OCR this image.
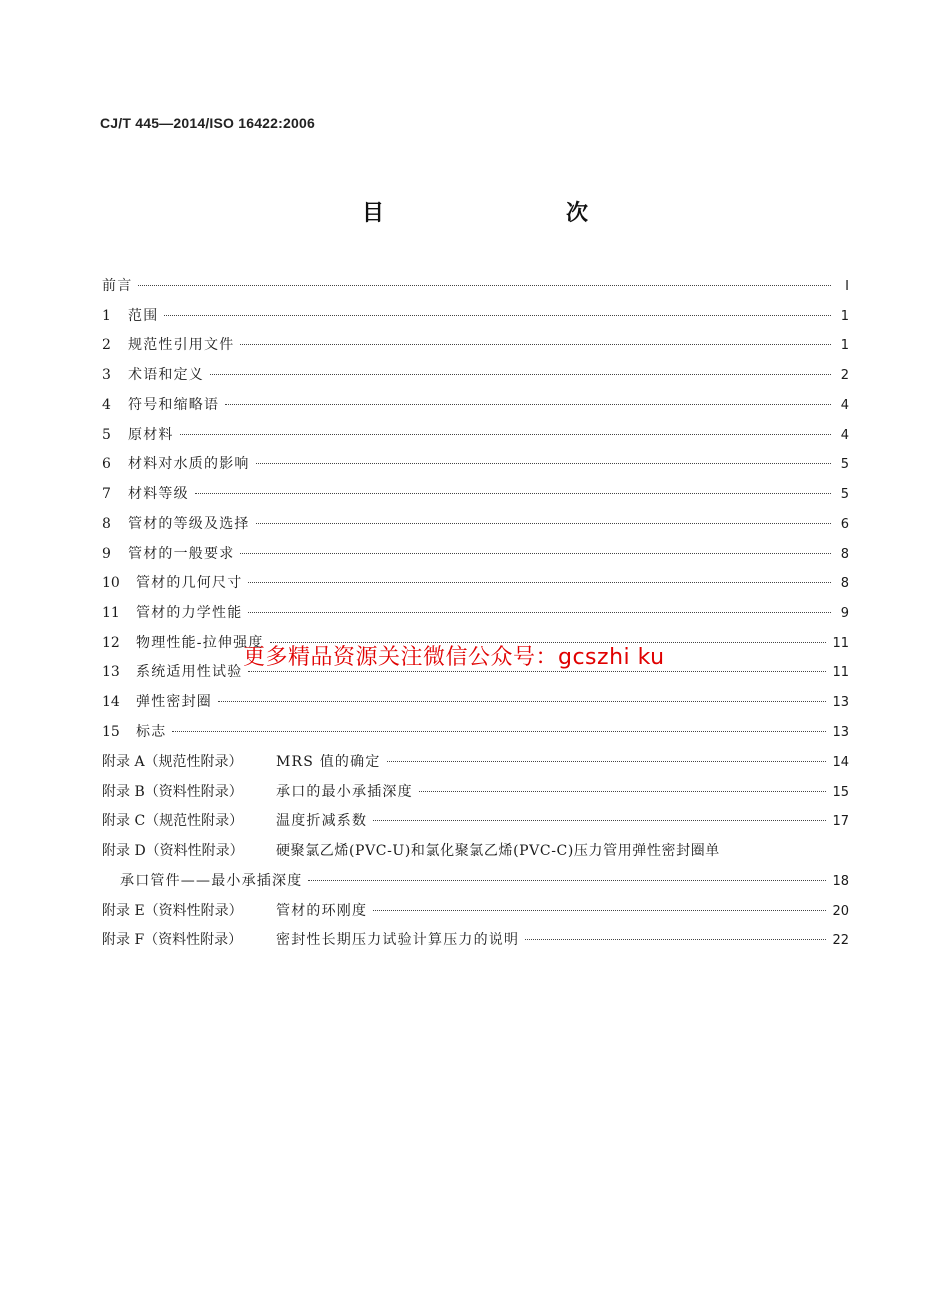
CJ/T 445—2014/ISO 16422:2006
目　　次
前言	Ⅰ
1	范围	1
2	规范性引用文件	1
3	术语和定义	2
4	符号和缩略语	4
5	原材料	4
6	材料对水质的影响	5
7	材料等级	5
8	管材的等级及选择	6
9	管材的一般要求	8
10	管材的几何尺寸	8
11	管材的力学性能	9
12	物理性能-拉伸强度	11
13	系统适用性试验	11
14	弹性密封圈	13
15	标志	13
附录 A（规范性附录）	MRS 值的确定	14
附录 B（资料性附录）	承口的最小承插深度	15
附录 C（规范性附录）	温度折减系数	17
附录 D（资料性附录）	硬聚氯乙烯(PVC-U)和氯化聚氯乙烯(PVC-C)压力管用弹性密封圈单
承口管件——最小承插深度	18
附录 E（资料性附录）	管材的环刚度	20
附录 F（资料性附录）	密封性长期压力试验计算压力的说明	22
更多精品资源关注微信公众号：gcszhi ku
